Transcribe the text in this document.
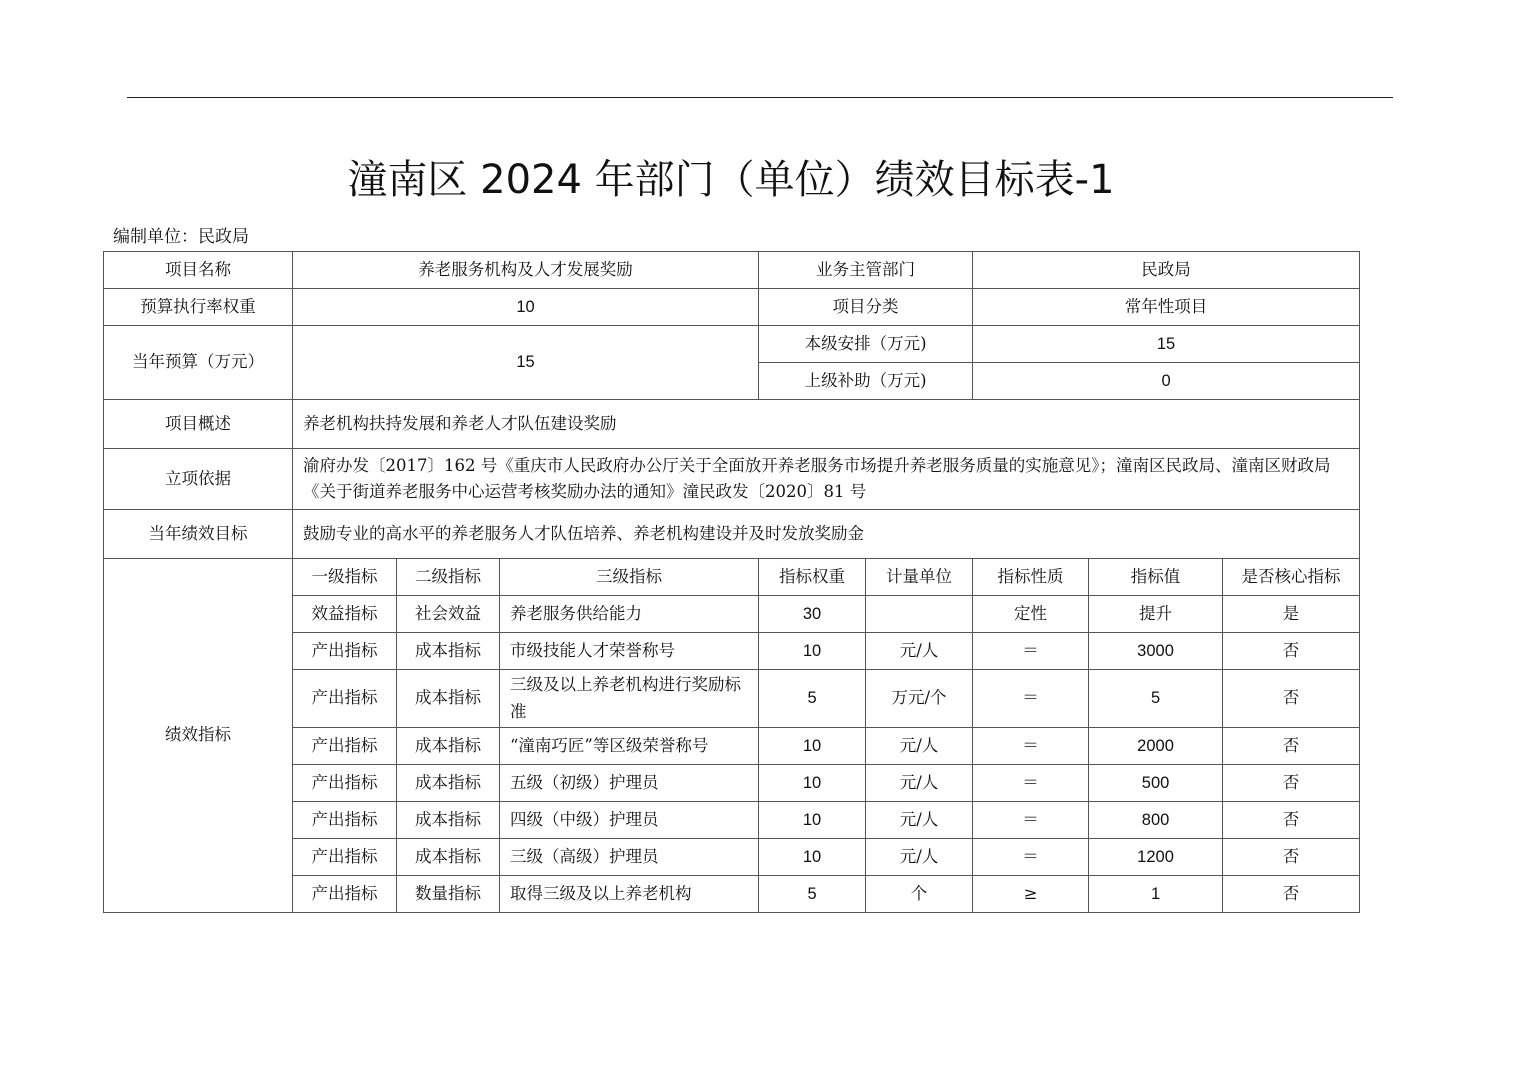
潼南区 2024 年部门（单位）绩效目标表-1
编制单位：民政局
项目名称	养老服务机构及人才发展奖励			业务主管部门		民政局		
预算执行率权重	10			项目分类		常年性项目		
当年预算（万元）	15			本级安排（万元)		15		
				上级补助（万元)		0		
项目概述	养老机构扶持发展和养老人才队伍建设奖励							
立项依据	渝府办发〔2017〕162 号《重庆市人民政府办公厅关于全面放开养老服务市场提升养老服务质量的实施意见》；潼南区民政局、潼南区财政局《关于街道养老服务中心运营考核奖励办法的通知》潼民政发〔2020〕81 号							
当年绩效目标	鼓励专业的高水平的养老服务人才队伍培养、养老机构建设并及时发放奖励金							
绩效指标	一级指标	二级指标	三级指标	指标权重	计量单位	指标性质	指标值	是否核心指标
	效益指标	社会效益	养老服务供给能力	30		定性	提升	是
	产出指标	成本指标	市级技能人才荣誉称号	10	元/人	＝	3000	否
	产出指标	成本指标	三级及以上养老机构进行奖励标准	5	万元/个	＝	5	否
	产出指标	成本指标	“潼南巧匠”等区级荣誉称号	10	元/人	＝	2000	否
	产出指标	成本指标	五级（初级）护理员	10	元/人	＝	500	否
	产出指标	成本指标	四级（中级）护理员	10	元/人	＝	800	否
	产出指标	成本指标	三级（高级）护理员	10	元/人	＝	1200	否
	产出指标	数量指标	取得三级及以上养老机构	5	个	≥	1	否
